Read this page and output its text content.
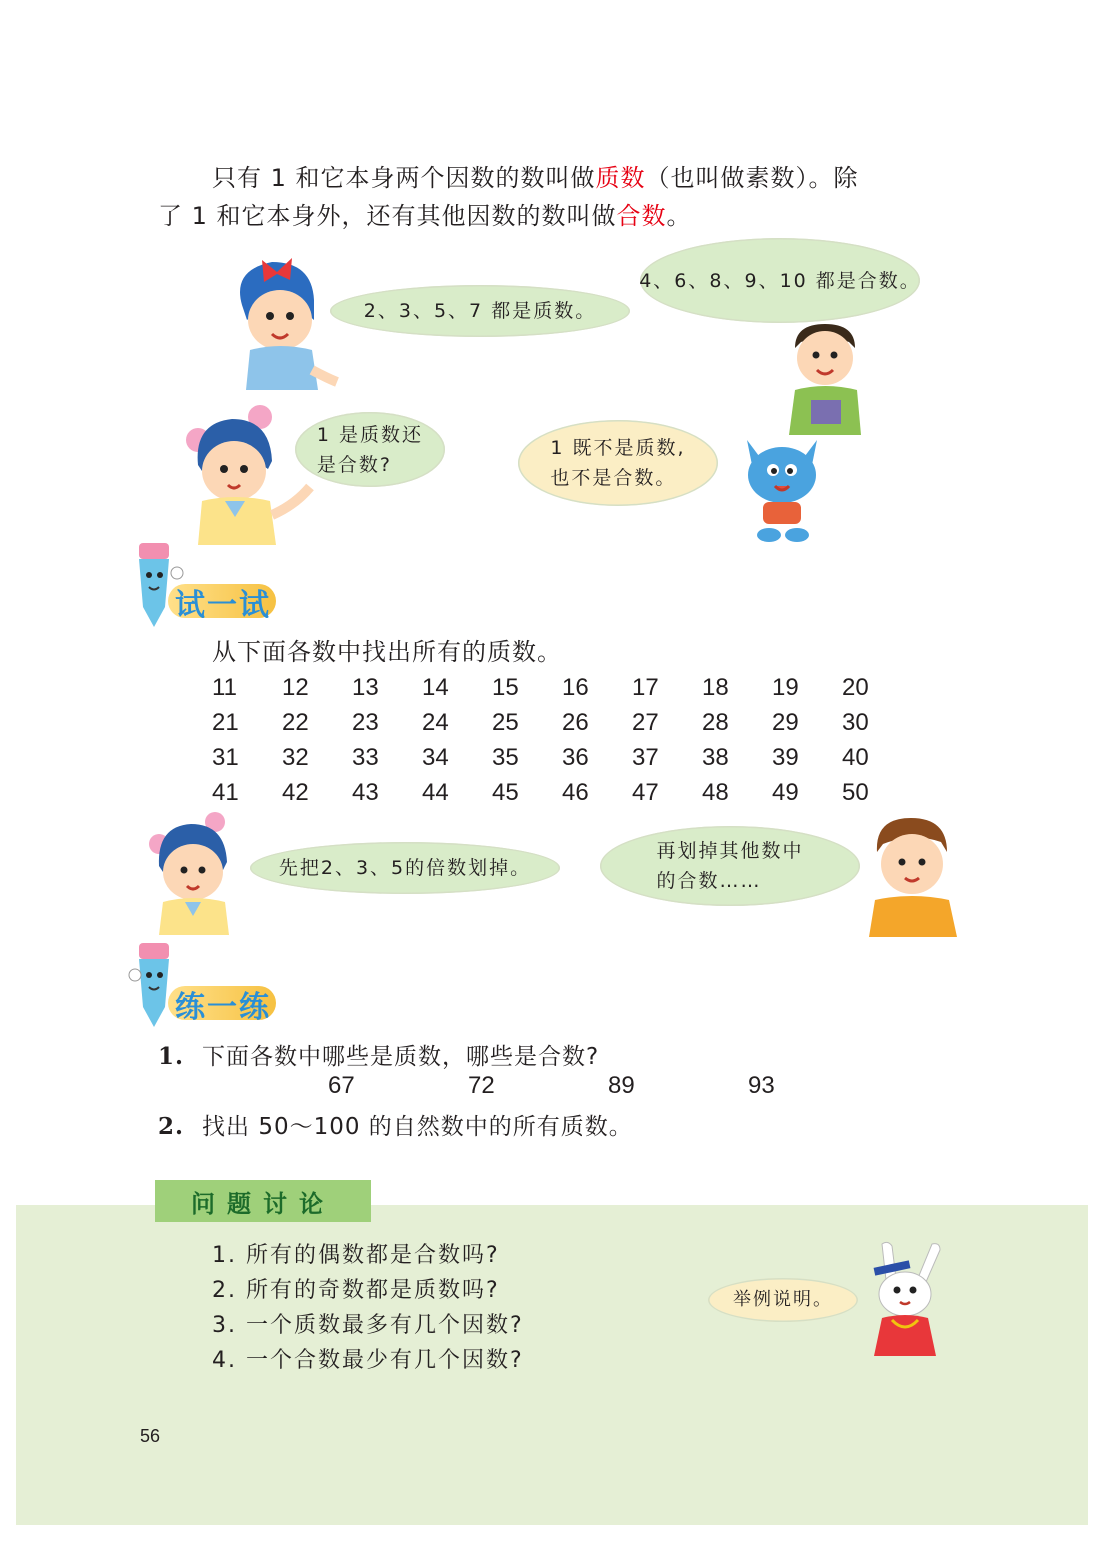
只有 1 和它本身两个因数的数叫做质数（也叫做素数）。除
了 1 和它本身外，还有其他因数的数叫做合数。
2、3、5、7 都是质数。
4、6、8、9、10 都是合数。
1 是质数还
是合数?
1 既不是质数,
也不是合数。
试一试
从下面各数中找出所有的质数。
11	12	13	14	15	16	17	18	19	20
21	22	23	24	25	26	27	28	29	30
31	32	33	34	35	36	37	38	39	40
41	42	43	44	45	46	47	48	49	50
先把2、3、5的倍数划掉。
再划掉其他数中
的合数……
练一练
1. 下面各数中哪些是质数，哪些是合数?
67	72	89	93
2. 找出 50～100 的自然数中的所有质数。
问题讨论
1. 所有的偶数都是合数吗?
2. 所有的奇数都是质数吗?
3. 一个质数最多有几个因数?
4. 一个合数最少有几个因数?
举例说明。
56
